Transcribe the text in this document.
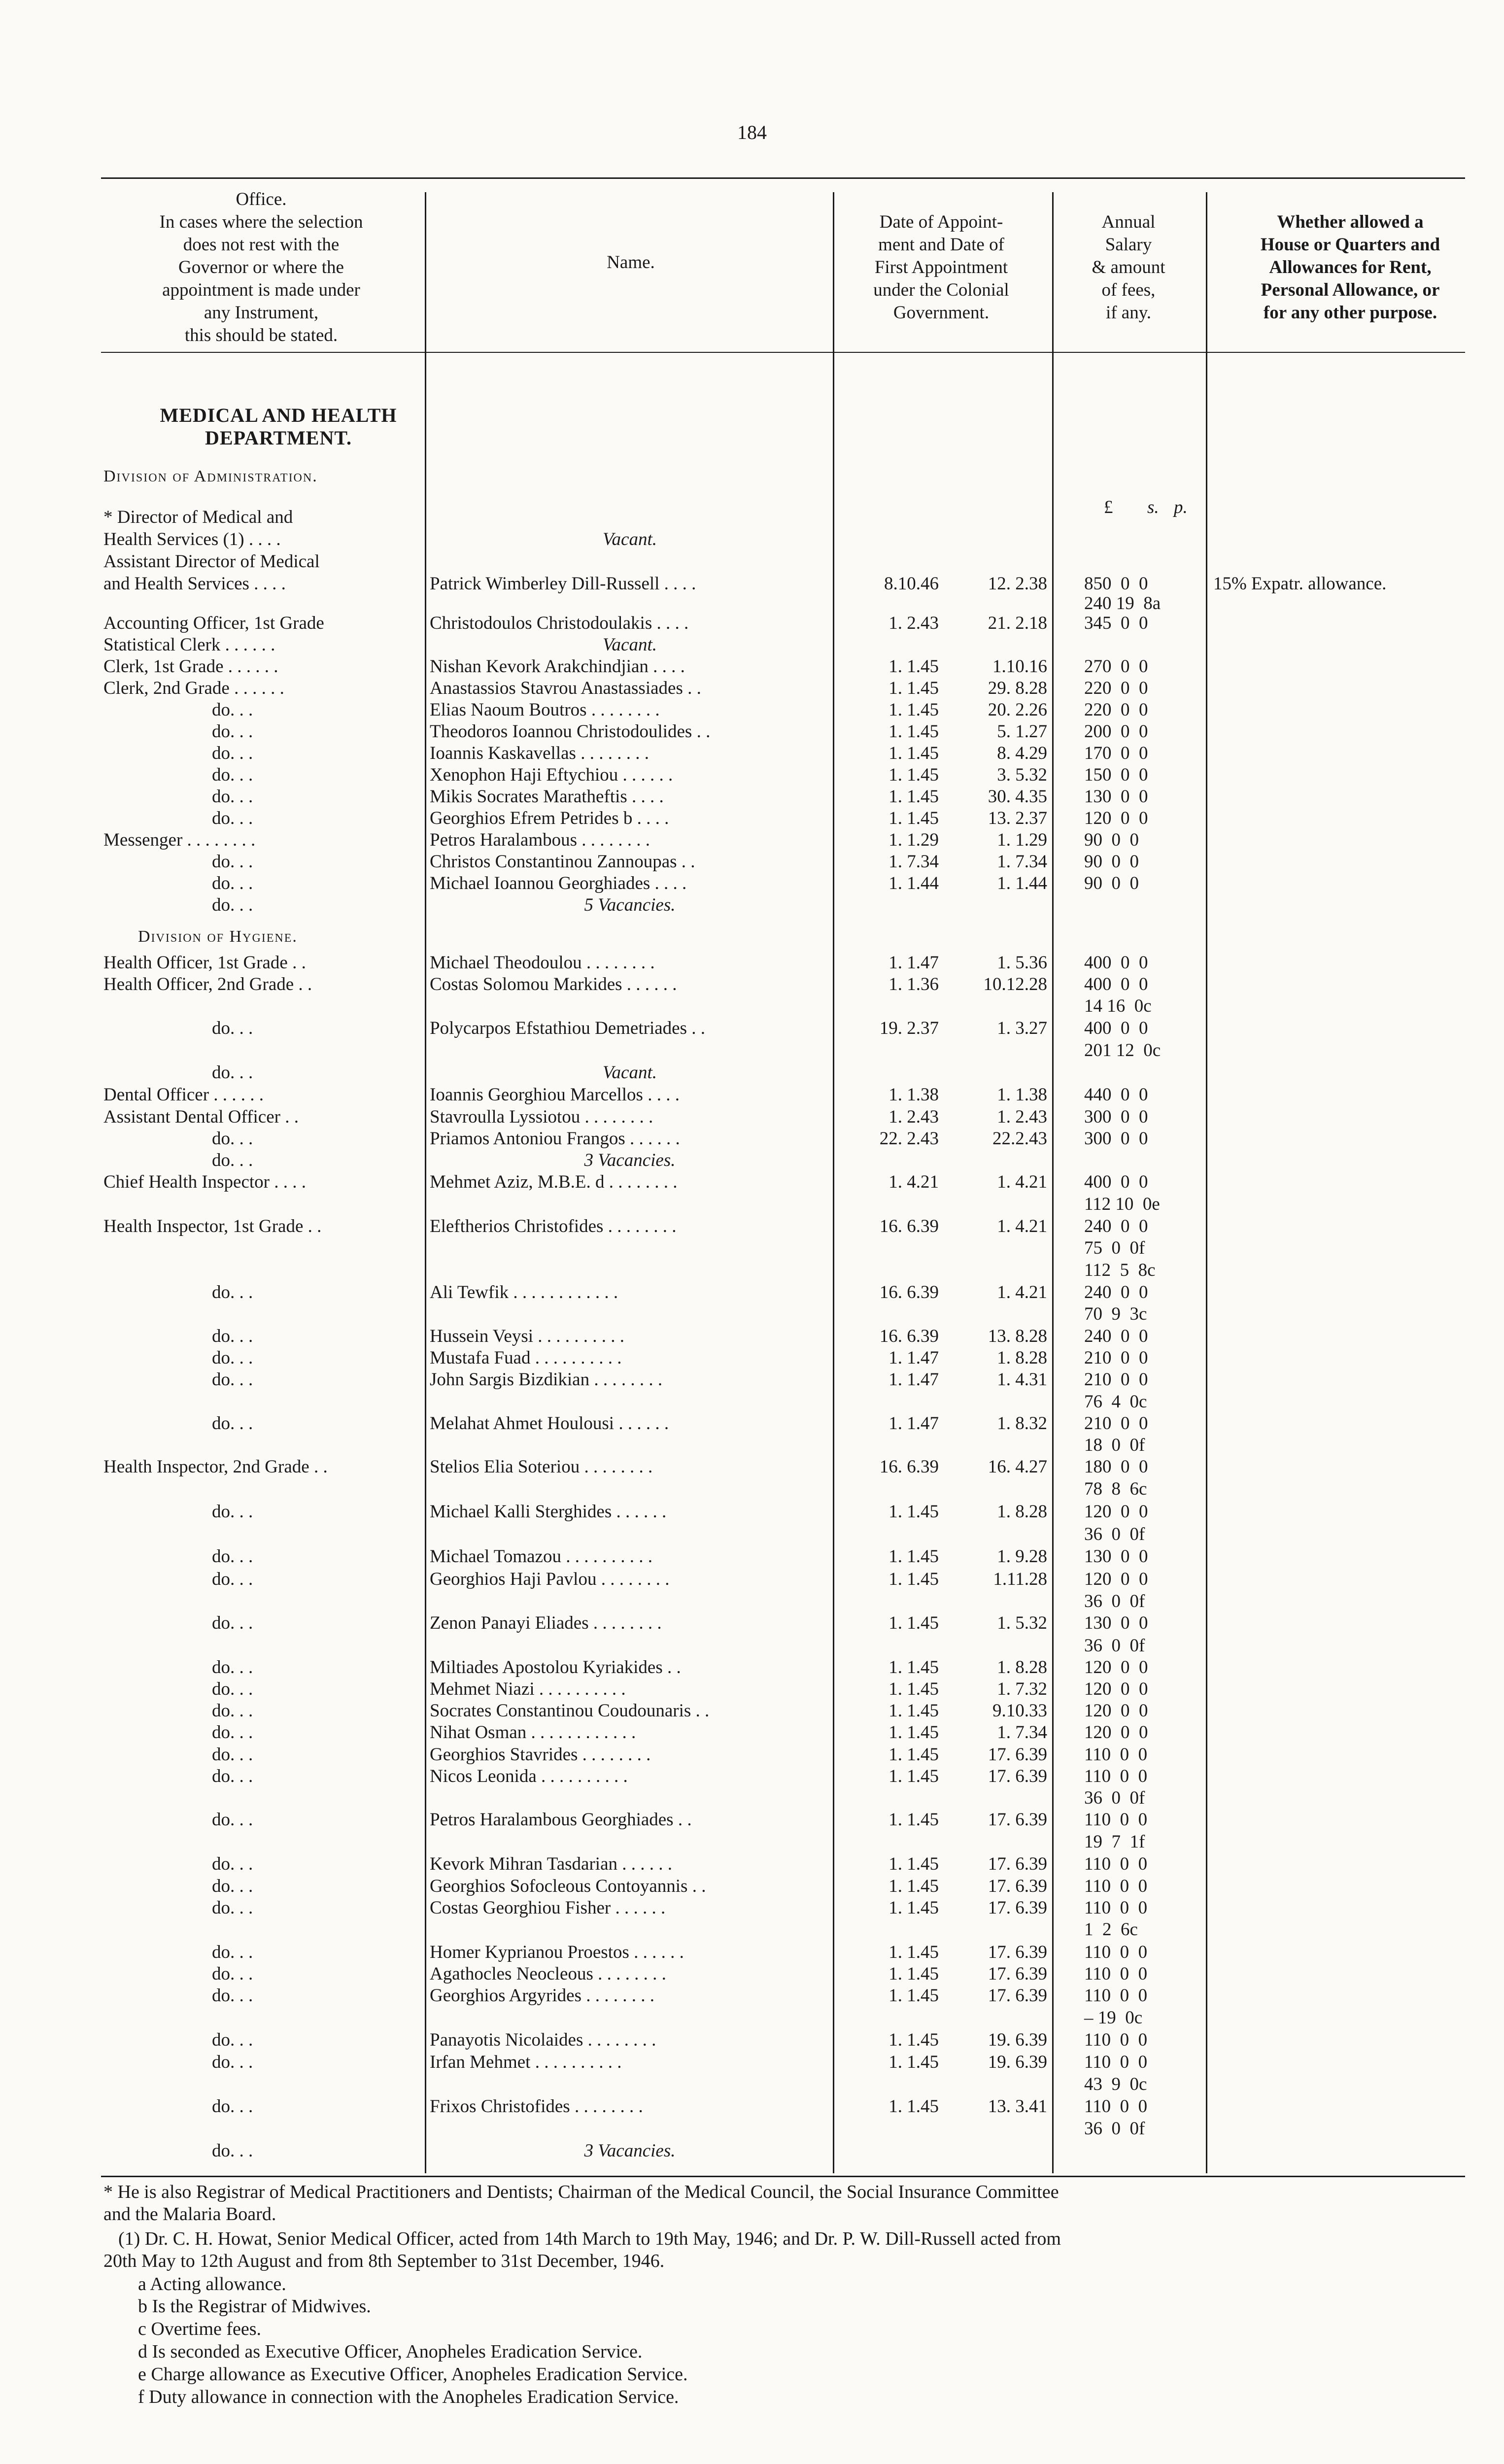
184
Office.
In cases where the selection
does not rest with the
Governor or where the
appointment is made under
any Instrument,
this should be stated.
Name.
Date of Appoint-
ment and Date of
First Appointment
under the Colonial
Government.
Annual
Salary
& amount
of fees,
if any.
Whether allowed a
House or Quarters and
Allowances for Rent,
Personal Allowance, or
for any other purpose.
MEDICAL AND HEALTH
DEPARTMENT.
Division of Administration.
Division of Hygiene.
£ s. p.
* Director of Medical and
Health Services (1) . . . .	Vacant.
Assistant Director of Medical
and Health Services . . . .	Patrick Wimberley Dill-Russell . . . .	8.10.46	12. 2.38 850  0  0	15% Expatr. allowance.
240 19  8a
Accounting Officer, 1st Grade	Christodoulos Christodoulakis . . . .	1. 2.43	21. 2.18 345  0  0
Statistical Clerk . . . . . .	Vacant.
Clerk, 1st Grade . . . . . .	Nishan Kevork Arakchindjian . . . .	1. 1.45	1.10.16 270  0  0
Clerk, 2nd Grade . . . . . .	Anastassios Stavrou Anastassiades . .	1. 1.45	29. 8.28 220  0  0
do. . .	Elias Naoum Boutros . . . . . . . .	1. 1.45	20. 2.26 220  0  0
do. . .	Theodoros Ioannou Christodoulides . .	1. 1.45	5. 1.27 200  0  0
do. . .	Ioannis Kaskavellas . . . . . . . .	1. 1.45	8. 4.29 170  0  0
do. . .	Xenophon Haji Eftychiou . . . . . .	1. 1.45	3. 5.32 150  0  0
do. . .	Mikis Socrates Maratheftis . . . .	1. 1.45	30. 4.35 130  0  0
do. . .	Georghios Efrem Petrides b . . . .	1. 1.45	13. 2.37 120  0  0
Messenger . . . . . . . .	Petros Haralambous . . . . . . . .	1. 1.29	1. 1.29 90  0  0
do. . .	Christos Constantinou Zannoupas . .	1. 7.34	1. 7.34 90  0  0
do. . .	Michael Ioannou Georghiades . . . .	1. 1.44	1. 1.44 90  0  0
do. . .	5 Vacancies.
Health Officer, 1st Grade . .	Michael Theodoulou . . . . . . . .	1. 1.47	1. 5.36 400  0  0
Health Officer, 2nd Grade . .	Costas Solomou Markides . . . . . .	1. 1.36	10.12.28 400  0  0
14 16  0c
do. . .	Polycarpos Efstathiou Demetriades . .	19. 2.37	1. 3.27 400  0  0
201 12  0c
do. . .	Vacant.
Dental Officer . . . . . .	Ioannis Georghiou Marcellos . . . .	1. 1.38	1. 1.38 440  0  0
Assistant Dental Officer . .	Stavroulla Lyssiotou . . . . . . . .	1. 2.43	1. 2.43 300  0  0
do. . .	Priamos Antoniou Frangos . . . . . .	22. 2.43	22.2.43 300  0  0
do. . .	3 Vacancies.
Chief Health Inspector . . . .	Mehmet Aziz, M.B.E. d . . . . . . . .	1. 4.21	1. 4.21 400  0  0
112 10  0e
Health Inspector, 1st Grade . .	Eleftherios Christofides . . . . . . . .	16. 6.39	1. 4.21 240  0  0
75  0  0f
112  5  8c
do. . .	Ali Tewfik . . . . . . . . . . . .	16. 6.39	1. 4.21 240  0  0
70  9  3c
do. . .	Hussein Veysi . . . . . . . . . .	16. 6.39	13. 8.28 240  0  0
do. . .	Mustafa Fuad . . . . . . . . . .	1. 1.47	1. 8.28 210  0  0
do. . .	John Sargis Bizdikian . . . . . . . .	1. 1.47	1. 4.31 210  0  0
76  4  0c
do. . .	Melahat Ahmet Houlousi . . . . . .	1. 1.47	1. 8.32 210  0  0
18  0  0f
Health Inspector, 2nd Grade . .	Stelios Elia Soteriou . . . . . . . .	16. 6.39	16. 4.27 180  0  0
78  8  6c
do. . .	Michael Kalli Sterghides . . . . . .	1. 1.45	1. 8.28 120  0  0
36  0  0f
do. . .	Michael Tomazou . . . . . . . . . .	1. 1.45	1. 9.28 130  0  0
do. . .	Georghios Haji Pavlou . . . . . . . .	1. 1.45	1.11.28 120  0  0
36  0  0f
do. . .	Zenon Panayi Eliades . . . . . . . .	1. 1.45	1. 5.32 130  0  0
36  0  0f
do. . .	Miltiades Apostolou Kyriakides . .	1. 1.45	1. 8.28 120  0  0
do. . .	Mehmet Niazi . . . . . . . . . .	1. 1.45	1. 7.32 120  0  0
do. . .	Socrates Constantinou Coudounaris . .	1. 1.45	9.10.33 120  0  0
do. . .	Nihat Osman . . . . . . . . . . . .	1. 1.45	1. 7.34 120  0  0
do. . .	Georghios Stavrides . . . . . . . .	1. 1.45	17. 6.39 110  0  0
do. . .	Nicos Leonida . . . . . . . . . .	1. 1.45	17. 6.39 110  0  0
36  0  0f
do. . .	Petros Haralambous Georghiades . .	1. 1.45	17. 6.39 110  0  0
19  7  1f
do. . .	Kevork Mihran Tasdarian . . . . . .	1. 1.45	17. 6.39 110  0  0
do. . .	Georghios Sofocleous Contoyannis . .	1. 1.45	17. 6.39 110  0  0
do. . .	Costas Georghiou Fisher . . . . . .	1. 1.45	17. 6.39 110  0  0
1  2  6c
do. . .	Homer Kyprianou Proestos . . . . . .	1. 1.45	17. 6.39 110  0  0
do. . .	Agathocles Neocleous . . . . . . . .	1. 1.45	17. 6.39 110  0  0
do. . .	Georghios Argyrides . . . . . . . .	1. 1.45	17. 6.39 110  0  0
– 19  0c
do. . .	Panayotis Nicolaides . . . . . . . .	1. 1.45	19. 6.39 110  0  0
do. . .	Irfan Mehmet . . . . . . . . . .	1. 1.45	19. 6.39 110  0  0
43  9  0c
do. . .	Frixos Christofides . . . . . . . .	1. 1.45	13. 3.41 110  0  0
36  0  0f
do. . .	3 Vacancies.
* He is also Registrar of Medical Practitioners and Dentists; Chairman of the Medical Council, the Social Insurance Committee
and the Malaria Board.
(1) Dr. C. H. Howat, Senior Medical Officer, acted from 14th March to 19th May, 1946; and Dr. P. W. Dill-Russell acted from
20th May to 12th August and from 8th September to 31st December, 1946.
a Acting allowance.
b Is the Registrar of Midwives.
c Overtime fees.
d Is seconded as Executive Officer, Anopheles Eradication Service.
e Charge allowance as Executive Officer, Anopheles Eradication Service.
f Duty allowance in connection with the Anopheles Eradication Service.
